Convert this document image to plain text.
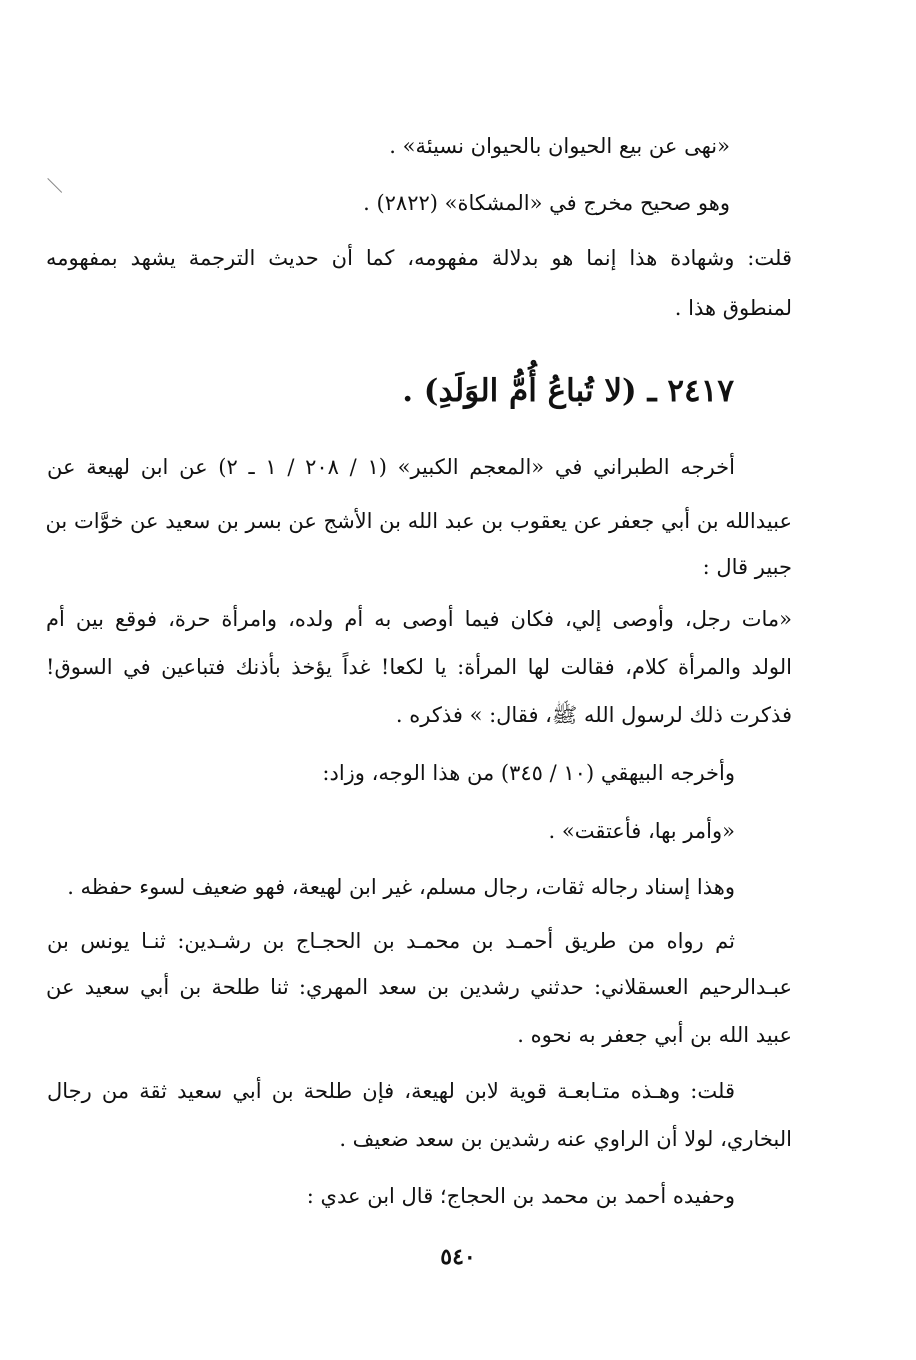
«نهى عن بيع الحيوان بالحيوان نسيئة» .
وهو صحيح مخرج في «المشكاة» (٢٨٢٢) .
قلت: وشهادة هذا إنما هو بدلالة مفهومه، كما أن حديث الترجمة يشهد بمفهومه
لمنطوق هذا .
٢٤١٧ ـ (لا تُباعُ أُمُّ الوَلَدِ) .
أخرجه الطبراني في «المعجم الكبير» (١ / ٢٠٨ / ١ ـ ٢) عن ابن لهيعة عن
عبيدالله بن أبي جعفر عن يعقوب بن عبد الله بن الأشج عن بسر بن سعيد عن خوَّات بن
جبير قال :
«مات رجل، وأوصى إلي، فكان فيما أوصى به أم ولده، وامرأة حرة، فوقع بين أم
الولد والمرأة كلام، فقالت لها المرأة: يا لكعا! غداً يؤخذ بأذنك فتباعين في السوق!
فذكرت ذلك لرسول الله ﷺ، فقال: » فذكره .
وأخرجه البيهقي (١٠ / ٣٤٥) من هذا الوجه، وزاد:
«وأمر بها، فأعتقت» .
وهذا إسناد رجاله ثقات، رجال مسلم، غير ابن لهيعة، فهو ضعيف لسوء حفظه .
ثم رواه من طريق أحمـد بن محمـد بن الحجـاج بن رشـدين: ثنـا يونس بن
عبـدالرحيم العسقلاني: حدثني رشدين بن سعد المهري: ثنا طلحة بن أبي سعيد عن
عبيد الله بن أبي جعفر به نحوه .
قلت: وهـذه متـابعـة قوية لابن لهيعة، فإن طلحة بن أبي سعيد ثقة من رجال
البخاري، لولا أن الراوي عنه رشدين بن سعد ضعيف .
وحفيده أحمد بن محمد بن الحجاج؛ قال ابن عدي :
٥٤٠
